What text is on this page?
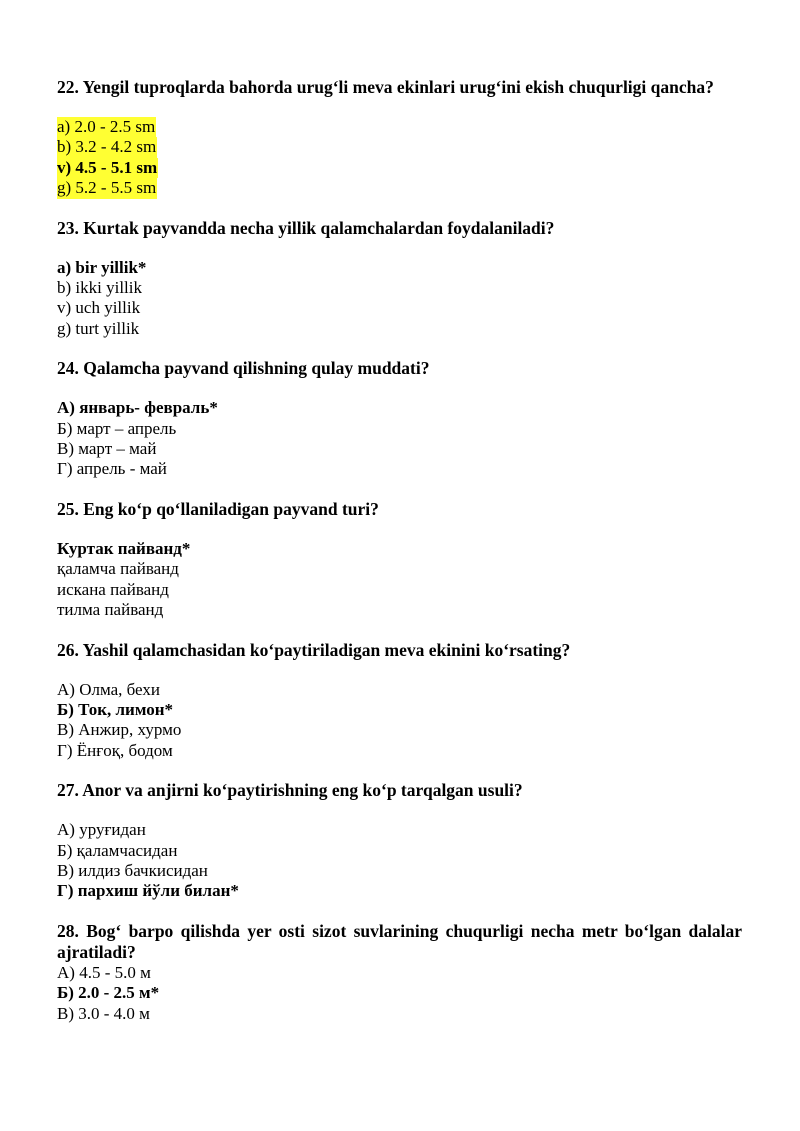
22. Yengil tuproqlarda bahorda urug‘li meva ekinlari urug‘ini ekish chuqurligi qancha?

a) 2.0 - 2.5 sm
b) 3.2 - 4.2 sm
v) 4.5 - 5.1 sm
g) 5.2 - 5.5 sm

23. Kurtak payvandda necha yillik qalamchalardan foydalaniladi?

a) bir yillik*
b) ikki yillik
v) uch yillik
g) turt yillik

24. Qalamcha payvand qilishning qulay muddati?

А) январь- февраль*
Б) март – апрель
В) март – май
Г) апрель - май

25. Eng ko‘p qo‘llaniladigan payvand turi?

Куртак пайванд*
қаламча пайванд
искана пайванд
тилма пайванд

26. Yashil qalamchasidan ko‘paytiriladigan meva ekinini ko‘rsating?

А) Олма, бехи
Б) Ток, лимон*
В) Анжир, хурмо
Г) Ёнғоқ, бодом

27. Anor va anjirni ko‘paytirishning eng ko‘p tarqalgan usuli?

А) уруғидан
Б) қаламчасидан
В) илдиз бачкисидан
Г) пархиш йўли билан*

28. Bog‘ barpo qilishda yer osti sizot suvlarining chuqurligi necha metr bo‘lgan dalalar ajratiladi?

А) 4.5 - 5.0 м
Б) 2.0 - 2.5 м*
В) 3.0 - 4.0 м
